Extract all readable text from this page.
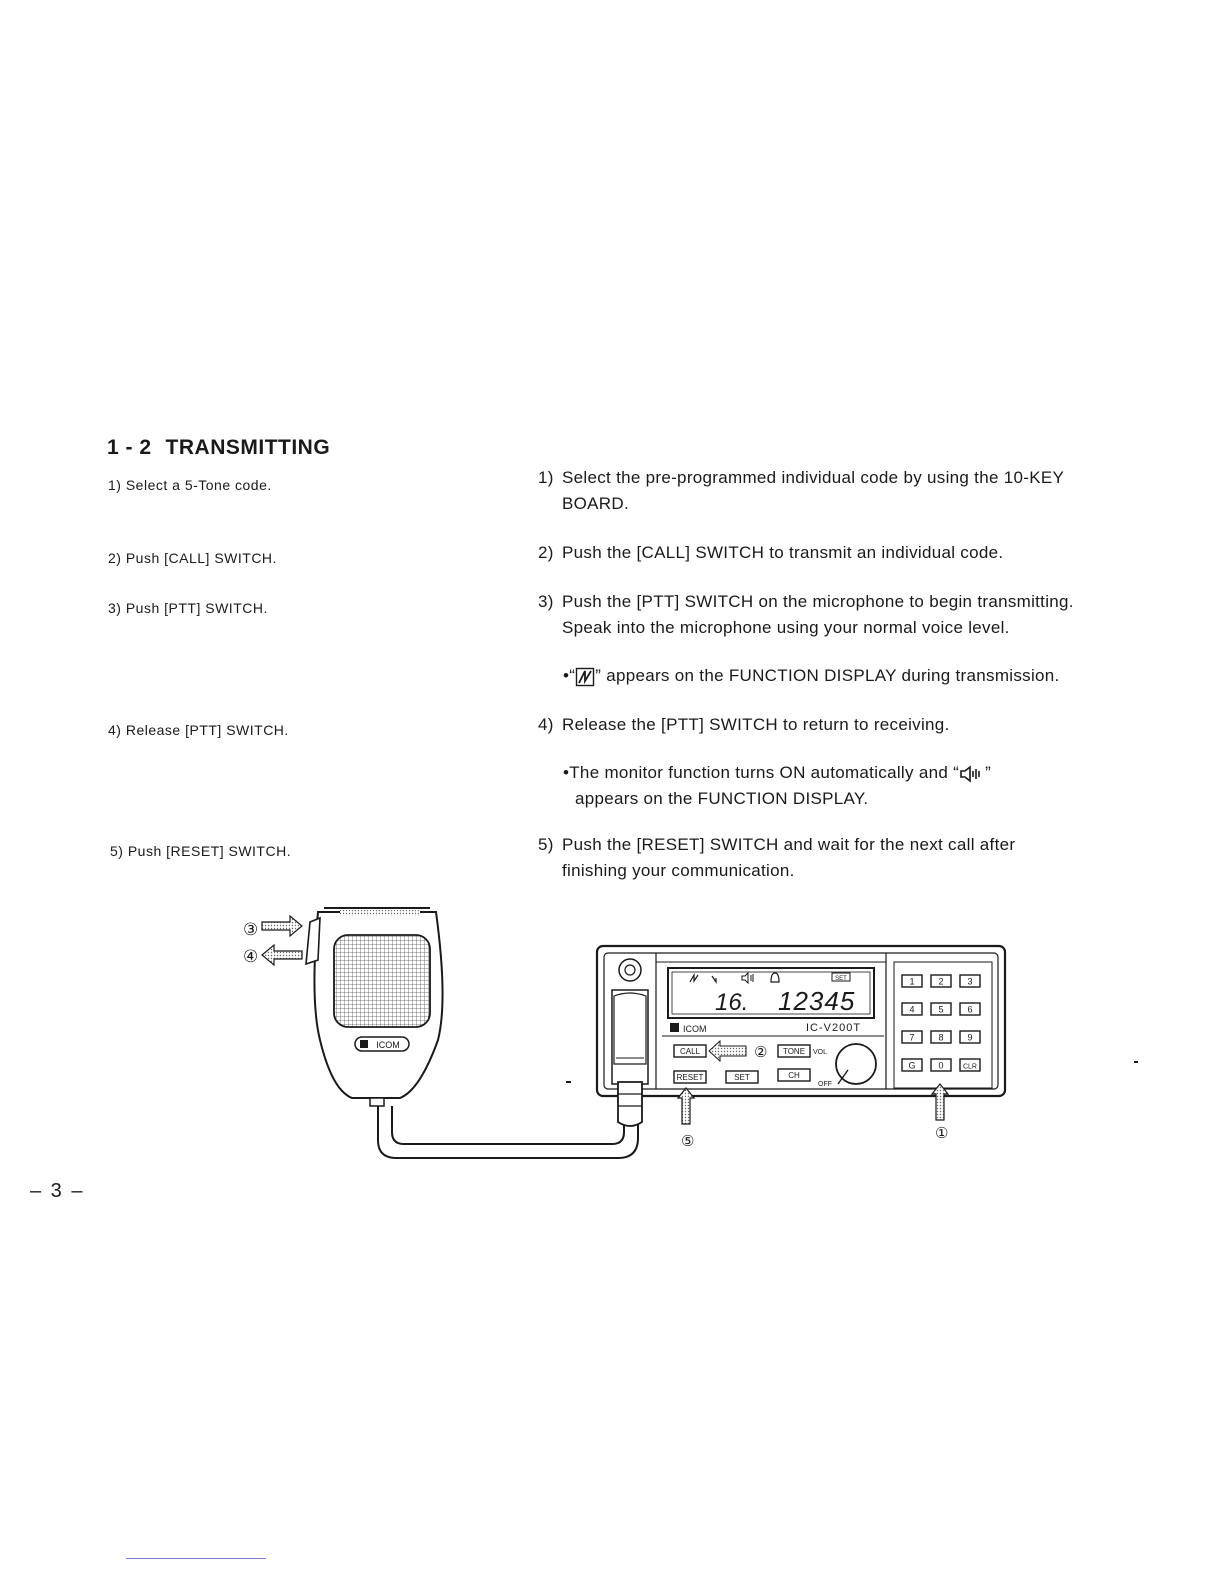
1 - 2 TRANSMITTING
1) Select a 5-Tone code.
2) Push [CALL] SWITCH.
3) Push [PTT] SWITCH.
4) Release [PTT] SWITCH.
5) Push [RESET] SWITCH.
1) Select the pre-programmed individual code by using the 10-KEY
BOARD.
2) Push the [CALL] SWITCH to transmit an individual code.
3) Push the [PTT] SWITCH on the microphone to begin transmitting.
Speak into the microphone using your normal voice level.
•“ ” appears on the FUNCTION DISPLAY during transmission.
4) Release the [PTT] SWITCH to return to receiving.
•The monitor function turns ON automatically and “ ”
appears on the FUNCTION DISPLAY.
5) Push the [RESET] SWITCH and wait for the next call after
finishing your communication.
ICOM
③
④
SET
16. 12345
ICOM	IC-V200T
CALL	② TONE VOL
RESET	SET	CH
OFF
1	2	3
4	5	6
7	8	9
G	0	CLR
⑤	①
– 3 –
